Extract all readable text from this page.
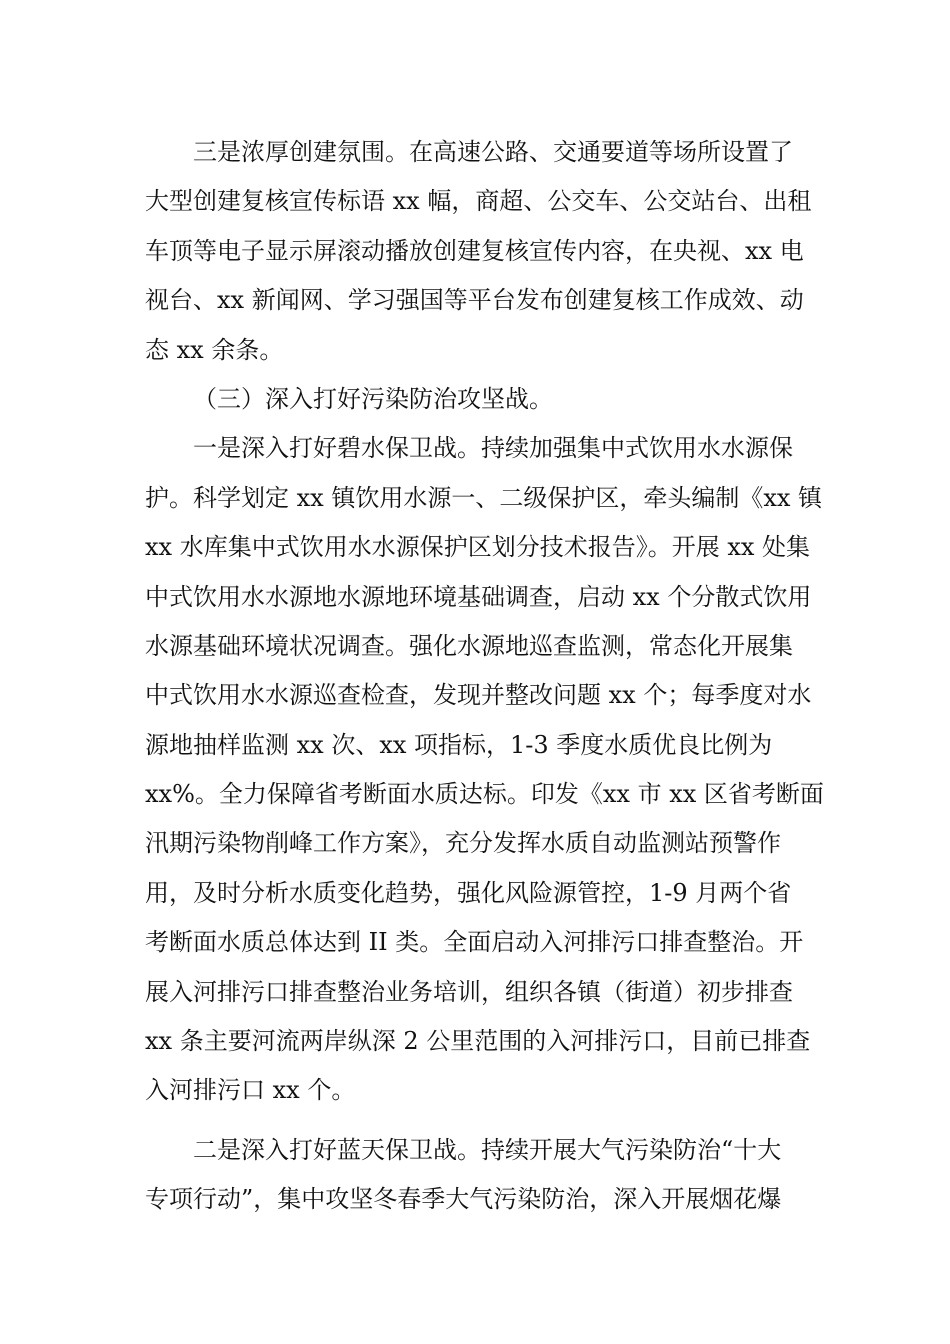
三是浓厚创建氛围。在高速公路、交通要道等场所设置了
大型创建复核宣传标语 xx 幅，商超、公交车、公交站台、出租
车顶等电子显示屏滚动播放创建复核宣传内容，在央视、xx 电
视台、xx 新闻网、学习强国等平台发布创建复核工作成效、动
态 xx 余条。
（三）深入打好污染防治攻坚战。
一是深入打好碧水保卫战。持续加强集中式饮用水水源保
护。科学划定 xx 镇饮用水源一、二级保护区，牵头编制《xx 镇
xx 水库集中式饮用水水源保护区划分技术报告》。开展 xx 处集
中式饮用水水源地水源地环境基础调查，启动 xx 个分散式饮用
水源基础环境状况调查。强化水源地巡查监测，常态化开展集
中式饮用水水源巡查检查，发现并整改问题 xx 个；每季度对水
源地抽样监测 xx 次、xx 项指标，1-3 季度水质优良比例为
xx%。全力保障省考断面水质达标。印发《xx 市 xx 区省考断面
汛期污染物削峰工作方案》，充分发挥水质自动监测站预警作
用，及时分析水质变化趋势，强化风险源管控，1-9 月两个省
考断面水质总体达到 II 类。全面启动入河排污口排查整治。开
展入河排污口排查整治业务培训，组织各镇（街道）初步排查
xx 条主要河流两岸纵深 2 公里范围的入河排污口，目前已排查
入河排污口 xx 个。
二是深入打好蓝天保卫战。持续开展大气污染防治“十大
专项行动”，集中攻坚冬春季大气污染防治，深入开展烟花爆
